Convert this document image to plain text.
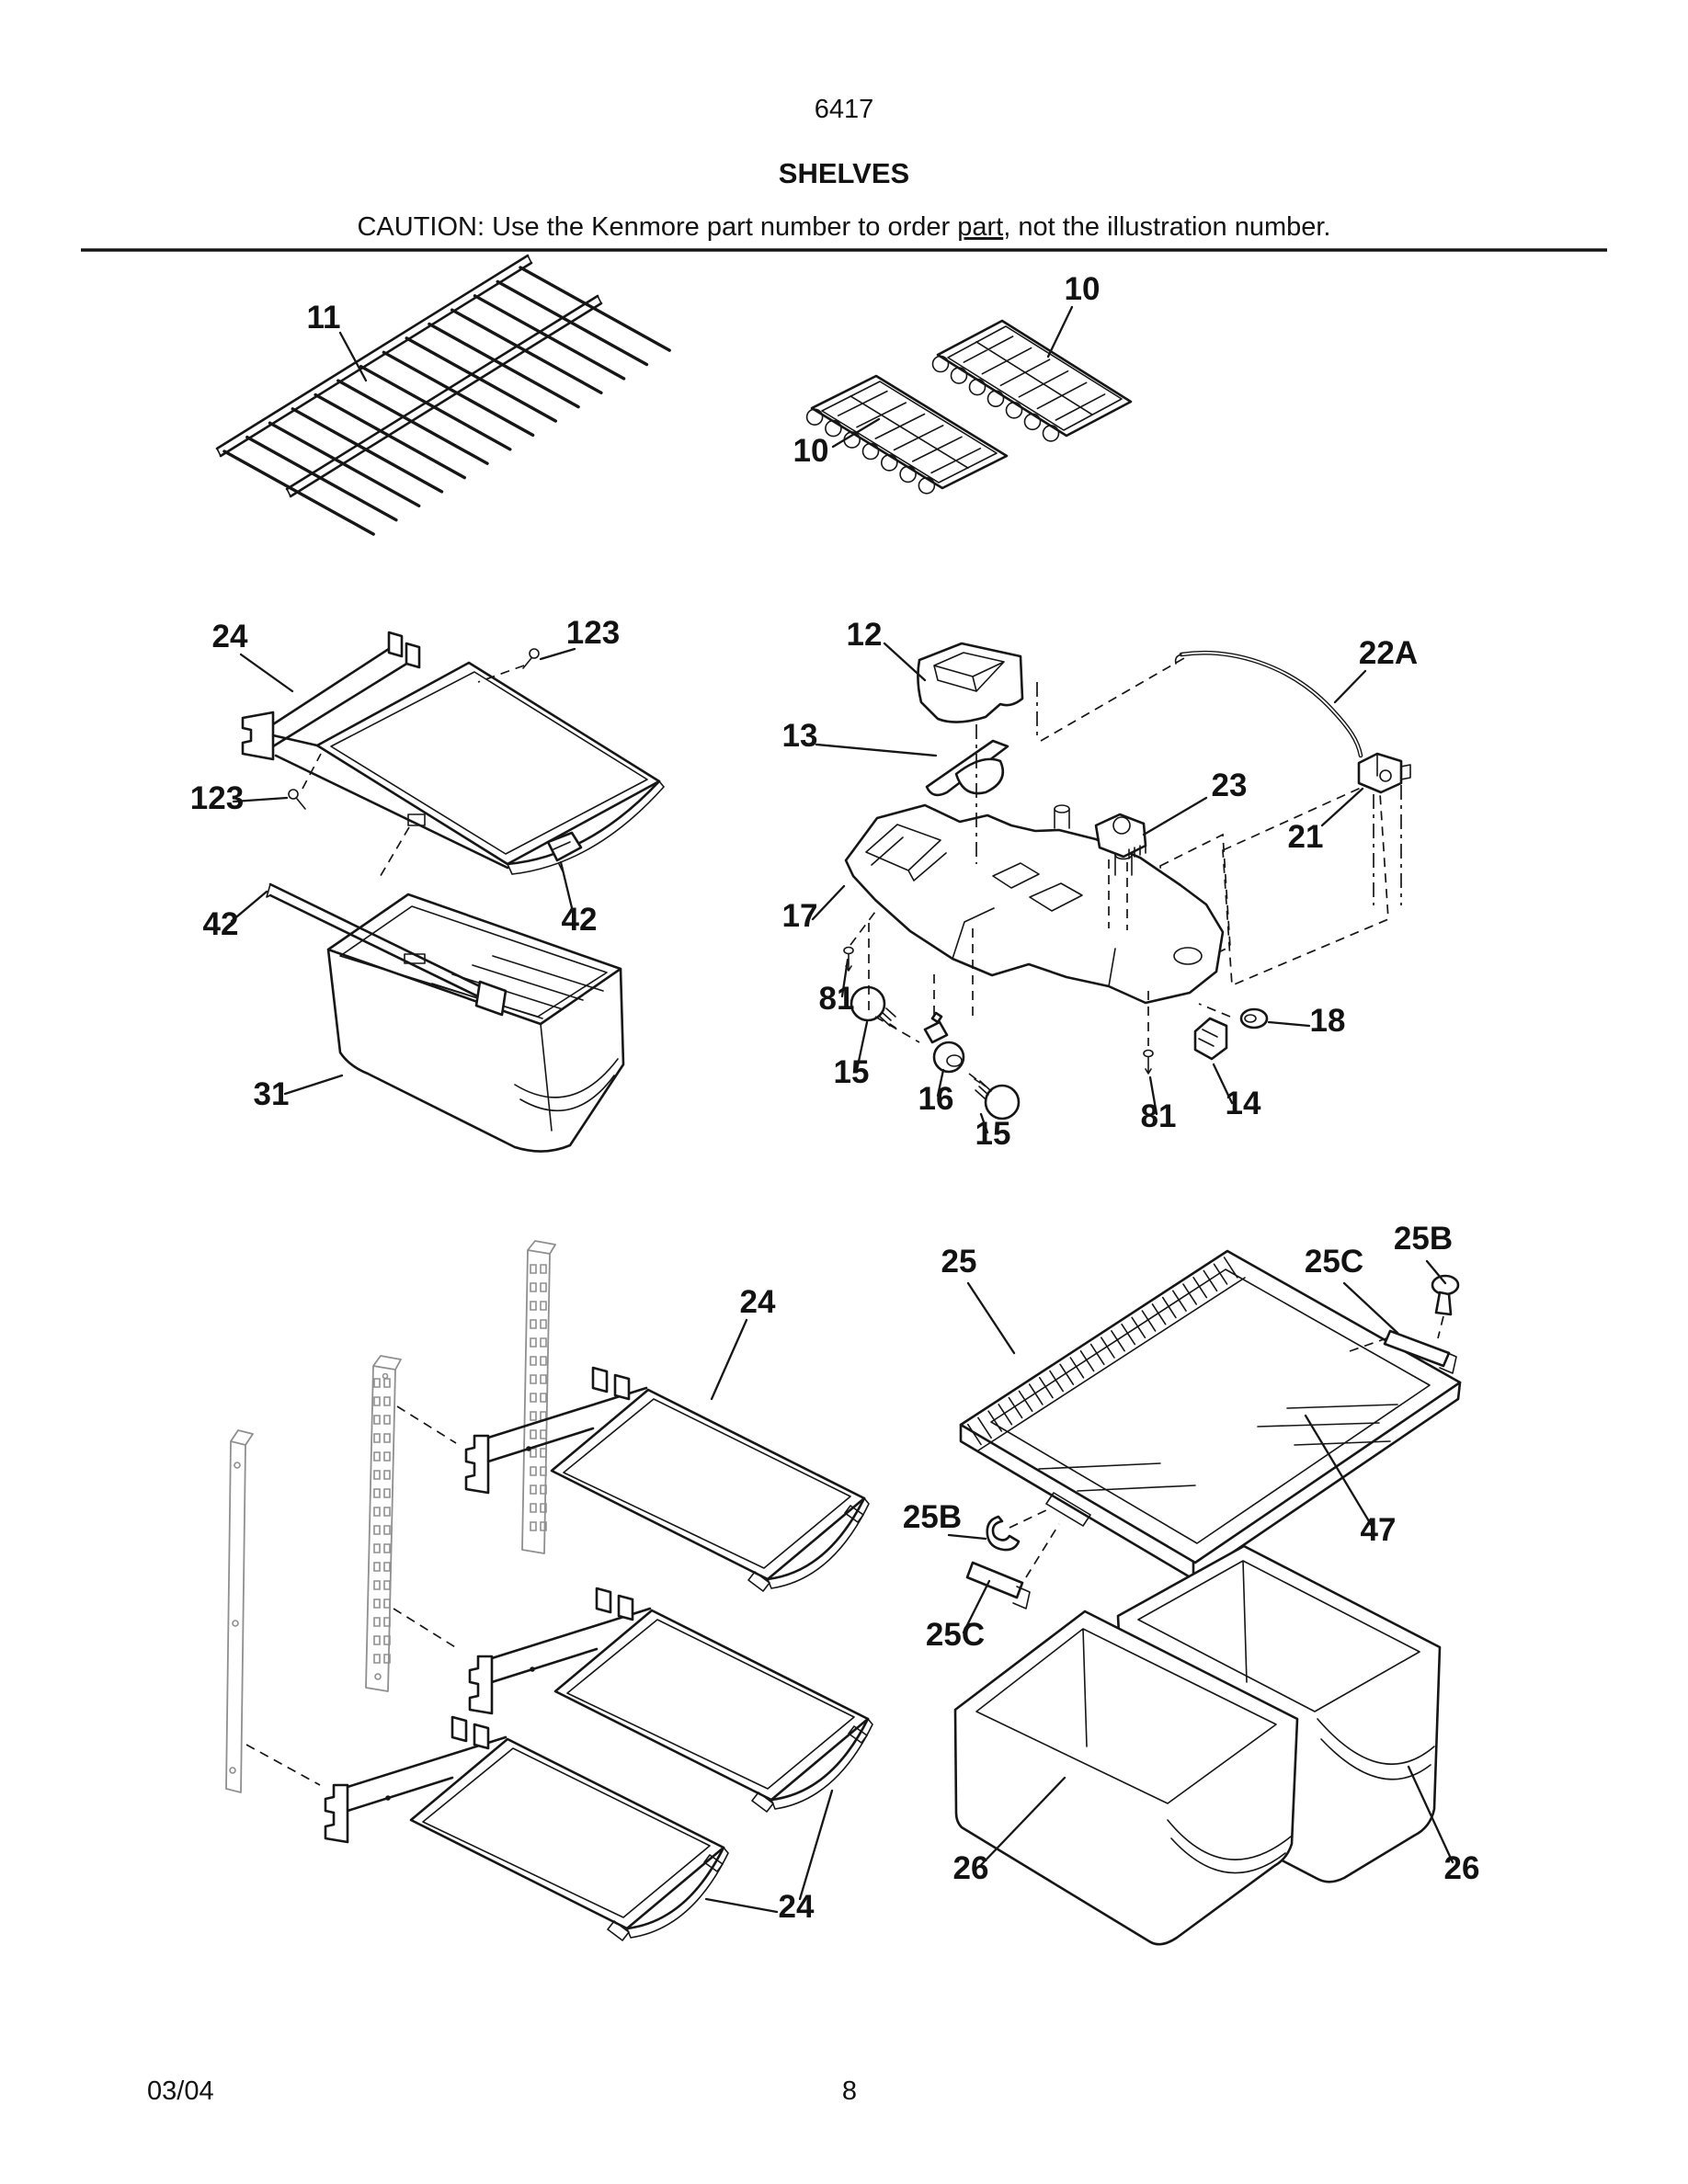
6417
SHELVES
CAUTION: Use the Kenmore part number to order part, not the illustration number.
11
10
10
24	123
123
42	42
31
12
13
22A
23
21
17
81
15
16
15	81 14
18
24
24
25	25C
25B
47
25B
25C
26	26
03/04	8
